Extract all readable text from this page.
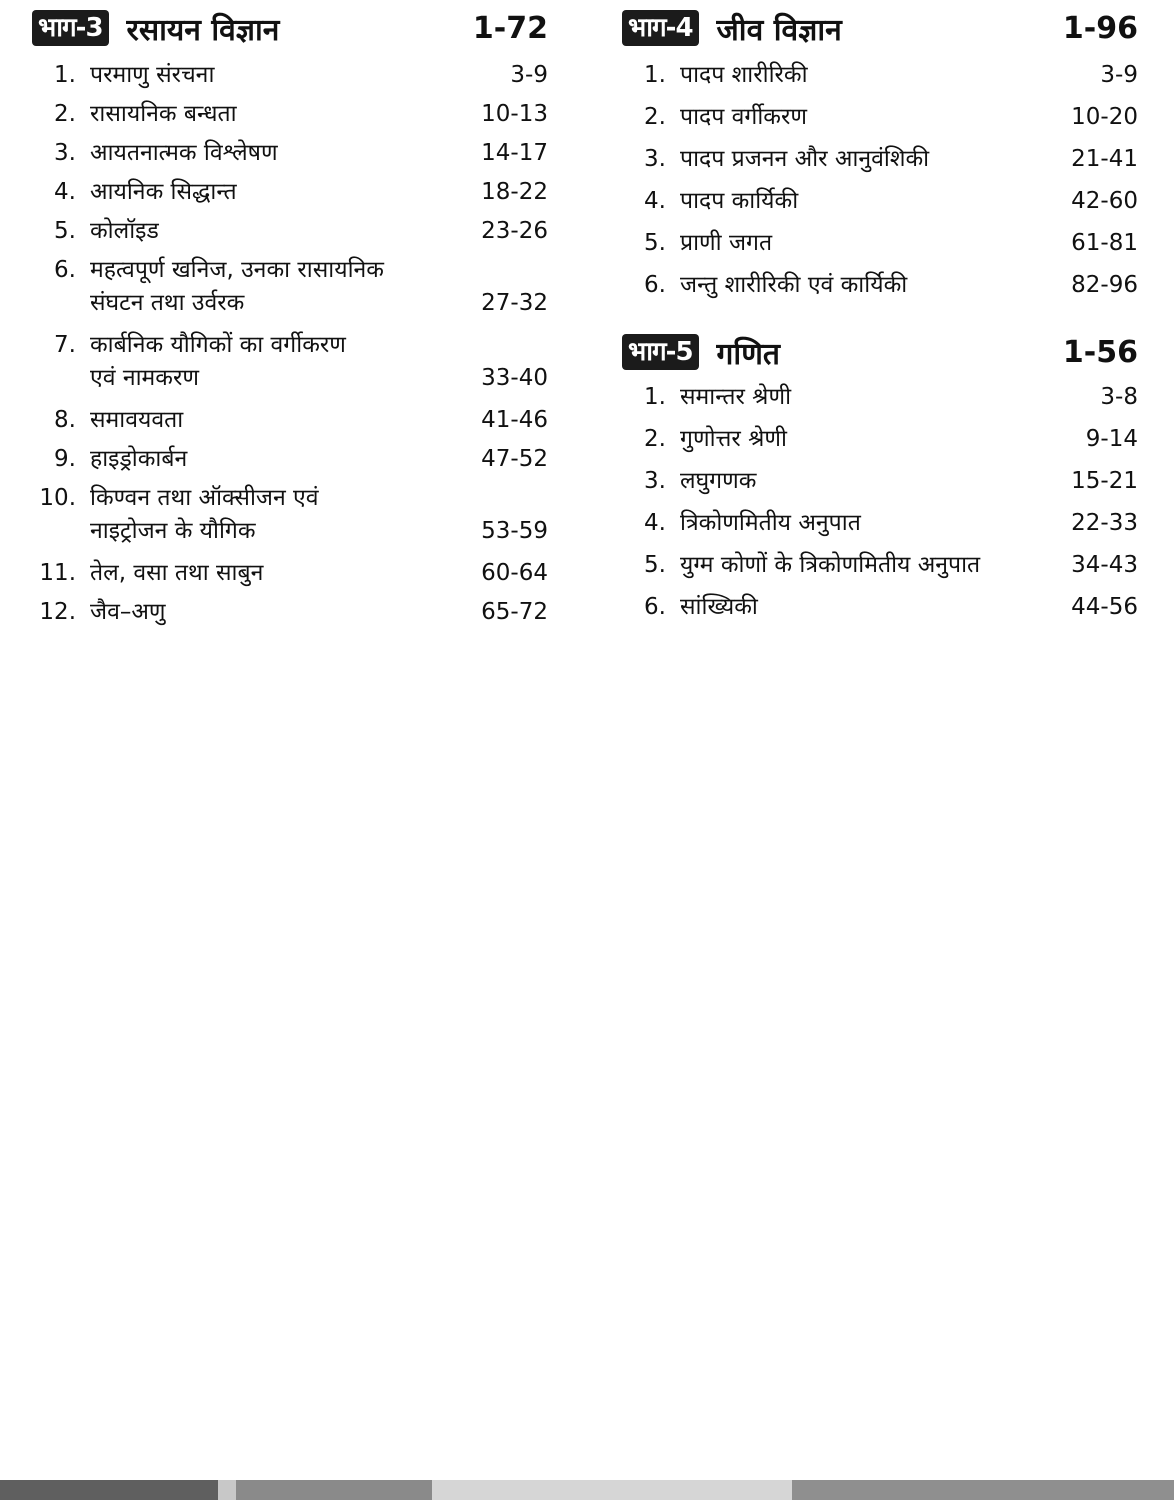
भाग-3 रसायन विज्ञान	1-72
1. परमाणु संरचना	3-9
2. रासायनिक बन्धता	10-13
3. आयतनात्मक विश्लेषण	14-17
4. आयनिक सिद्धान्त	18-22
5. कोलॉइड	23-26
6. महत्वपूर्ण खनिज, उनका रासायनिक
संघटन तथा उर्वरक	27-32
7. कार्बनिक यौगिकों का वर्गीकरण
एवं नामकरण	33-40
8. समावयवता	41-46
9. हाइड्रोकार्बन	47-52
10. किण्वन तथा ऑक्सीजन एवं
नाइट्रोजन के यौगिक	53-59
11. तेल, वसा तथा साबुन	60-64
12. जैव–अणु	65-72
भाग-4 जीव विज्ञान	1-96
1. पादप शारीरिकी	3-9
2. पादप वर्गीकरण	10-20
3. पादप प्रजनन और आनुवंशिकी	21-41
4. पादप कार्यिकी	42-60
5. प्राणी जगत	61-81
6. जन्तु शारीरिकी एवं कार्यिकी	82-96
भाग-5 गणित	1-56
1. समान्तर श्रेणी	3-8
2. गुणोत्तर श्रेणी	9-14
3. लघुगणक	15-21
4. त्रिकोणमितीय अनुपात	22-33
5. युग्म कोणों के त्रिकोणमितीय अनुपात	34-43
6. सांख्यिकी	44-56
